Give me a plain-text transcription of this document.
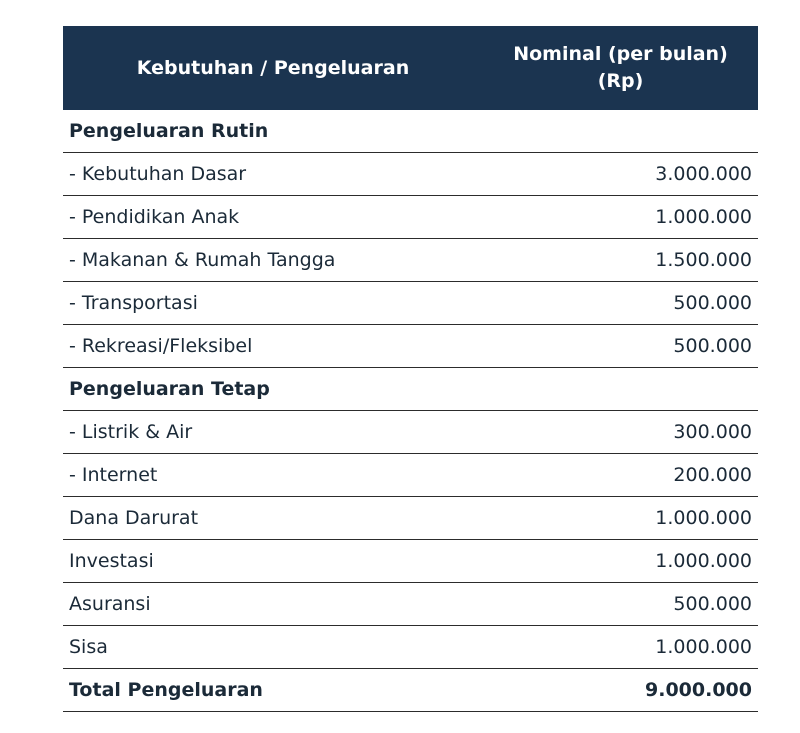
Kebutuhan / Pengeluaran	Nominal (per bulan) (Rp)
Pengeluaran Rutin	
- Kebutuhan Dasar	3.000.000
- Pendidikan Anak	1.000.000
- Makanan & Rumah Tangga	1.500.000
- Transportasi	500.000
- Rekreasi/Fleksibel	500.000
Pengeluaran Tetap	
- Listrik & Air	300.000
- Internet	200.000
Dana Darurat	1.000.000
Investasi	1.000.000
Asuransi	500.000
Sisa	1.000.000
Total Pengeluaran	9.000.000
